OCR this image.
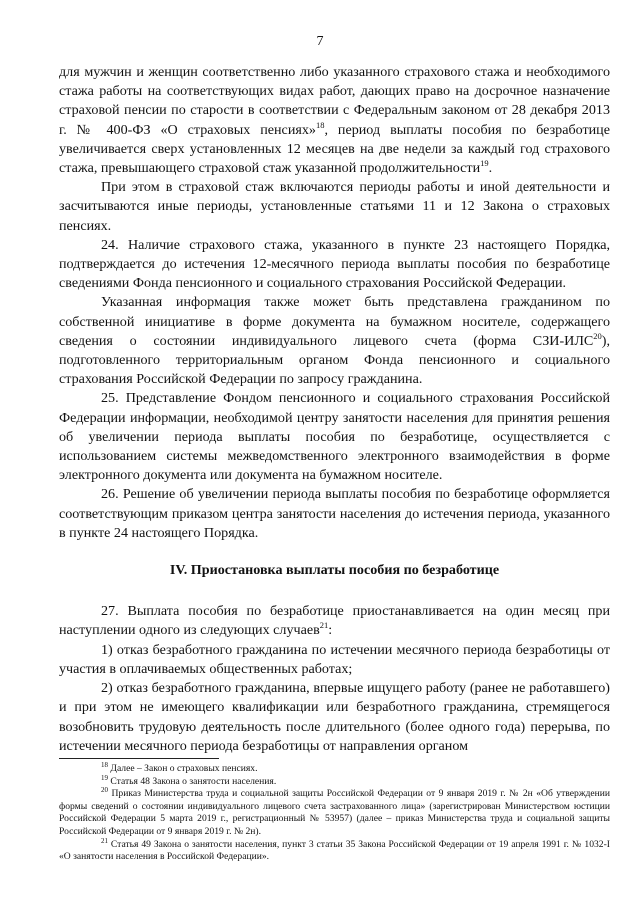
7

для мужчин и женщин соответственно либо указанного страхового стажа и необходимого стажа работы на соответствующих видах работ, дающих право на досрочное назначение страховой пенсии по старости в соответствии с Федеральным законом от 28 декабря 2013 г. № 400-ФЗ «О страховых пенсиях»$^{18}$, период выплаты пособия по безработице увеличивается сверх установленных 12 месяцев на две недели за каждый год страхового стажа, превышающего страховой стаж указанной продолжительности$^{19}$.

При этом в страховой стаж включаются периоды работы и иной деятельности и засчитываются иные периоды, установленные статьями 11 и 12 Закона о страховых пенсиях.

24. Наличие страхового стажа, указанного в пункте 23 настоящего Порядка, подтверждается до истечения 12-месячного периода выплаты пособия по безработице сведениями Фонда пенсионного и социального страхования Российской Федерации.

Указанная информация также может быть представлена гражданином по собственной инициативе в форме документа на бумажном носителе, содержащего сведения о состоянии индивидуального лицевого счета (форма СЗИ-ИЛС$^{20}$), подготовленного территориальным органом Фонда пенсионного и социального страхования Российской Федерации по запросу гражданина.

25. Представление Фондом пенсионного и социального страхования Российской Федерации информации, необходимой центру занятости населения для принятия решения об увеличении периода выплаты пособия по безработице, осуществляется с использованием системы межведомственного электронного взаимодействия в форме электронного документа или документа на бумажном носителе.

26. Решение об увеличении периода выплаты пособия по безработице оформляется соответствующим приказом центра занятости населения до истечения периода, указанного в пункте 24 настоящего Порядка.

IV. Приостановка выплаты пособия по безработице

27. Выплата пособия по безработице приостанавливается на один месяц при наступлении одного из следующих случаев$^{21}$:

1) отказ безработного гражданина по истечении месячного периода безработицы от участия в оплачиваемых общественных работах;

2) отказ безработного гражданина, впервые ищущего работу (ранее не работавшего) и при этом не имеющего квалификации или безработного гражданина, стремящегося возобновить трудовую деятельность после длительного (более одного года) перерыва, по истечении месячного периода безработицы от направления органом

$^{18}$ Далее – Закон о страховых пенсиях.

$^{19}$ Статья 48 Закона о занятости населения.

$^{20}$ Приказ Министерства труда и социальной защиты Российской Федерации от 9 января 2019 г. № 2н «Об утверждении формы сведений о состоянии индивидуального лицевого счета застрахованного лица» (зарегистрирован Министерством юстиции Российской Федерации 5 марта 2019 г., регистрационный № 53957) (далее – приказ Министерства труда и социальной защиты Российской Федерации от 9 января 2019 г. № 2н).

$^{21}$ Статья 49 Закона о занятости населения, пункт 3 статьи 35 Закона Российской Федерации от 19 апреля 1991 г. № 1032-I «О занятости населения в Российской Федерации».
